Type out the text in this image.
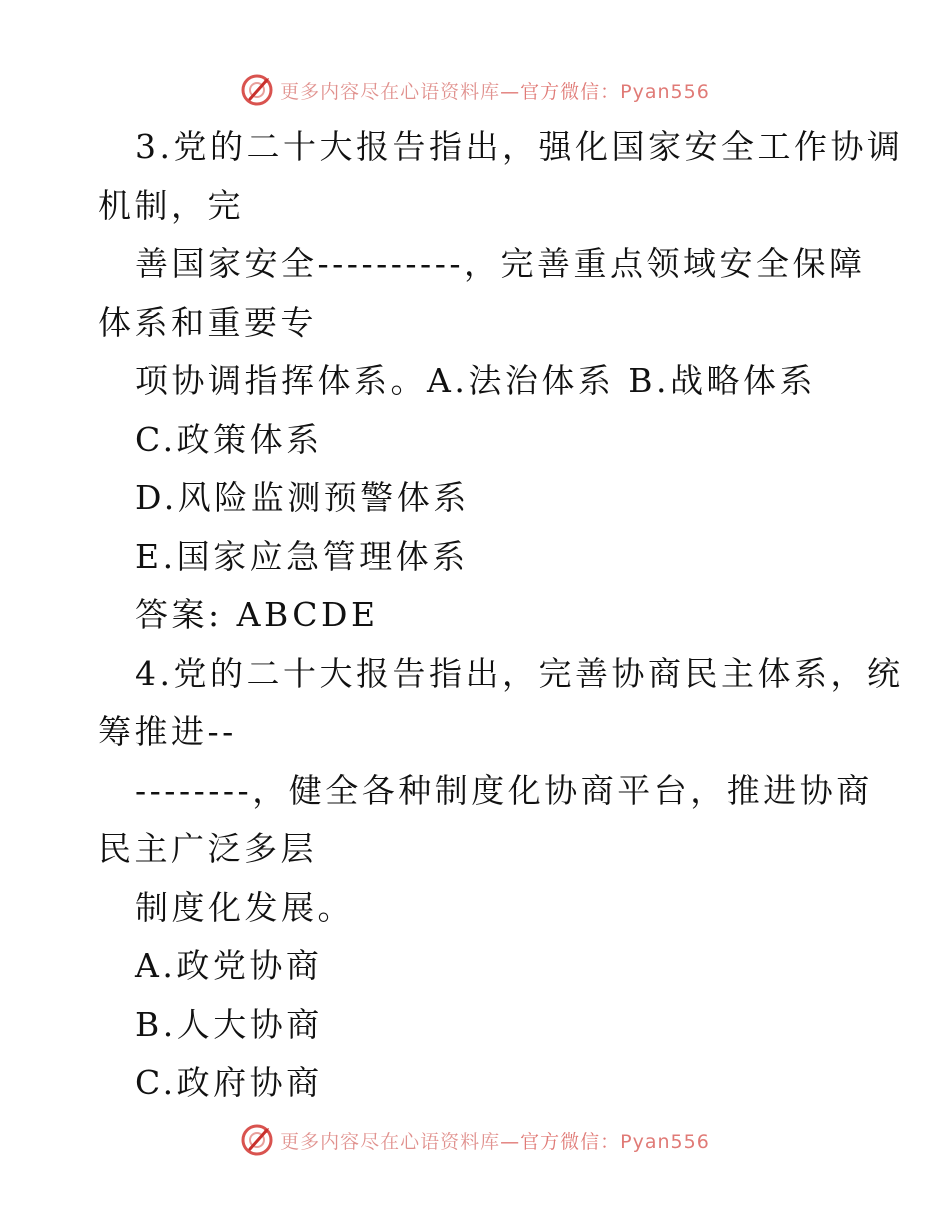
更多内容尽在心语资料库—官方微信：Pyan556
3.党的二十大报告指出，强化国家安全工作协调
机制，完
善国家安全----------，完善重点领域安全保障
体系和重要专
项协调指挥体系。A.法治体系 B.战略体系
C.政策体系
D.风险监测预警体系
E.国家应急管理体系
答案: ABCDE
4.党的二十大报告指出，完善协商民主体系，统
筹推进--
--------，健全各种制度化协商平台，推进协商
民主广泛多层
制度化发展。
A.政党协商
B.人大协商
C.政府协商
更多内容尽在心语资料库—官方微信：Pyan556
